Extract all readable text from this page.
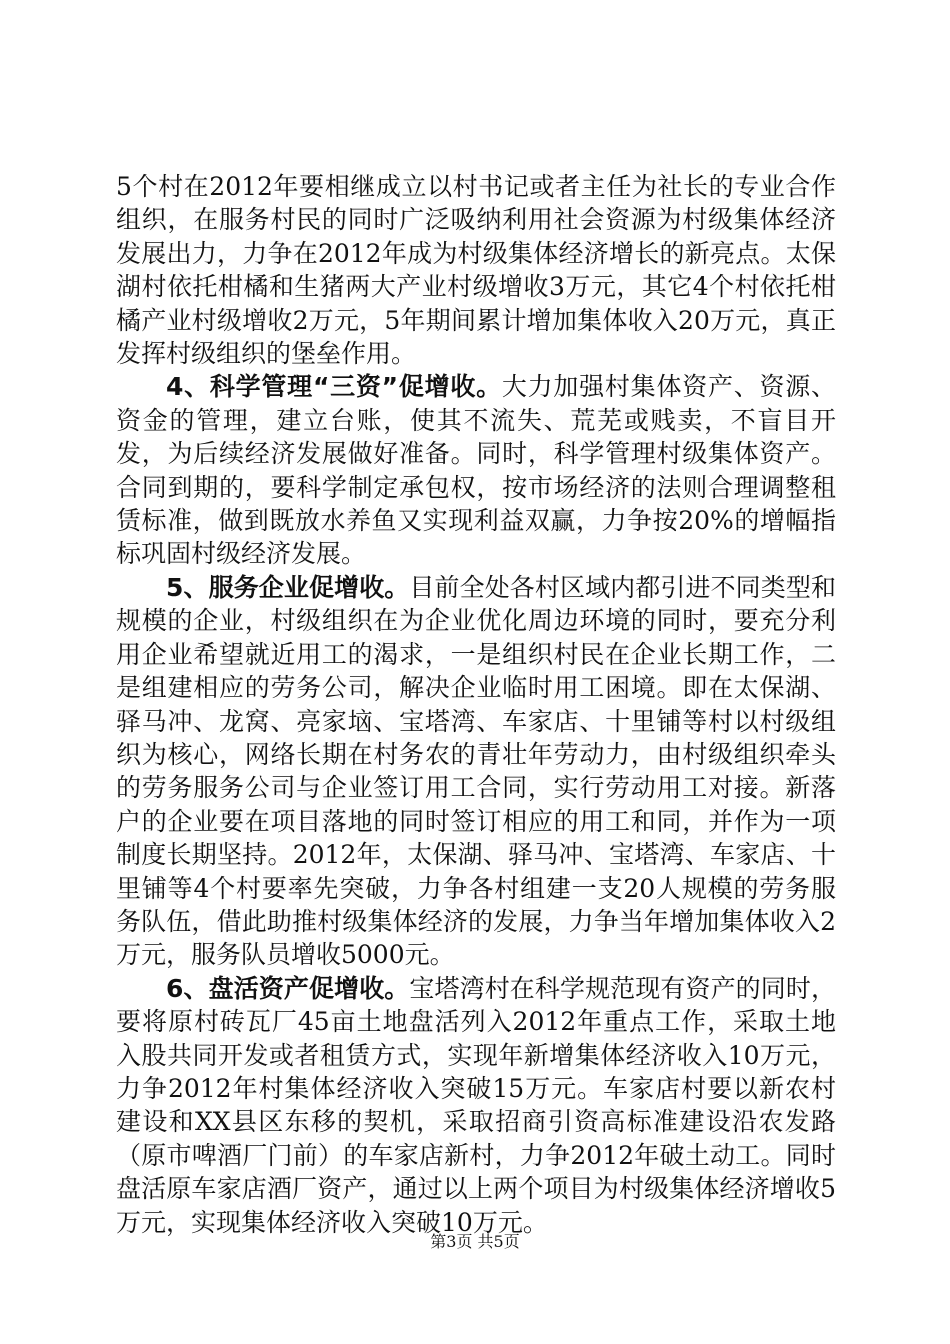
5个村在2012年要相继成立以村书记或者主任为社长的专业合作组织，在服务村民的同时广泛吸纳利用社会资源为村级集体经济发展出力，力争在2012年成为村级集体经济增长的新亮点。太保湖村依托柑橘和生猪两大产业村级增收3万元，其它4个村依托柑橘产业村级增收2万元，5年期间累计增加集体收入20万元，真正发挥村级组织的堡垒作用。

4、科学管理“三资”促增收。大力加强村集体资产、资源、资金的管理，建立台账，使其不流失、荒芜或贱卖，不盲目开发，为后续经济发展做好准备。同时，科学管理村级集体资产。合同到期的，要科学制定承包权，按市场经济的法则合理调整租赁标准，做到既放水养鱼又实现利益双赢，力争按20%的增幅指标巩固村级经济发展。

5、服务企业促增收。目前全处各村区域内都引进不同类型和规模的企业，村级组织在为企业优化周边环境的同时，要充分利用企业希望就近用工的渴求，一是组织村民在企业长期工作，二是组建相应的劳务公司，解决企业临时用工困境。即在太保湖、驿马冲、龙窝、亮家垴、宝塔湾、车家店、十里铺等村以村级组织为核心，网络长期在村务农的青壮年劳动力，由村级组织牵头的劳务服务公司与企业签订用工合同，实行劳动用工对接。新落户的企业要在项目落地的同时签订相应的用工和同，并作为一项制度长期坚持。2012年，太保湖、驿马冲、宝塔湾、车家店、十里铺等4个村要率先突破，力争各村组建一支20人规模的劳务服务队伍，借此助推村级集体经济的发展，力争当年增加集体收入2万元，服务队员增收5000元。

6、盘活资产促增收。宝塔湾村在科学规范现有资产的同时，要将原村砖瓦厂45亩土地盘活列入2012年重点工作，采取土地入股共同开发或者租赁方式，实现年新增集体经济收入10万元，力争2012年村集体经济收入突破15万元。车家店村要以新农村建设和XX县区东移的契机，采取招商引资高标准建设沿农发路（原市啤酒厂门前）的车家店新村，力争2012年破土动工。同时盘活原车家店酒厂资产，通过以上两个项目为村级集体经济增收5万元，实现集体经济收入突破10万元。

第3页 共5页
